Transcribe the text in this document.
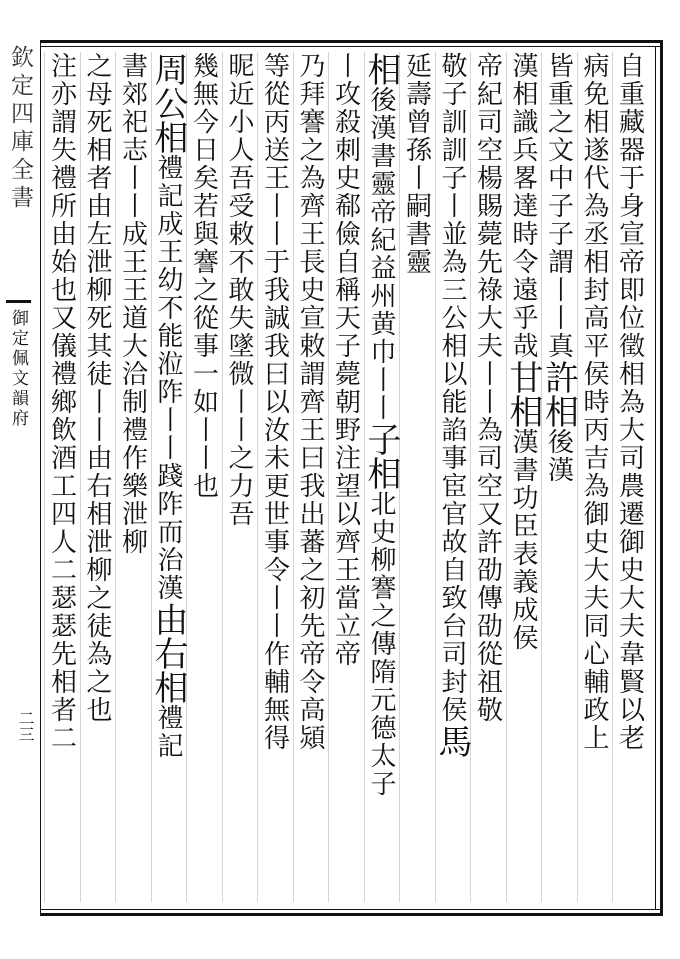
欽定四庫全書
御定佩文韻府
二三	自重藏器于身宣帝即位徵相為大司農遷御史大夫韋賢以老
病免相遂代為丞相封高平侯時丙吉為御史大夫同心輔政上
皆重之文中子子謂丨丨真許相後漢
漢相識兵畧達時令遠乎哉甘相漢書功臣表義成侯
帝紀司空楊賜薨先祿大夫丨丨為司空又許劭傳劭從祖敬
敬子訓訓子丨並為三公相以能諂事宦官故自致台司封侯馬
延壽曾孫丨嗣書靈
相後漢書靈帝紀益州黄巾丨丨子相北史柳謇之傳隋元德太子
丨攻殺刺史郗儉自稱天子薨朝野注望以齊王當立帝
乃拜謇之為齊王長史宣敕謂齊王曰我出蕃之初先帝令高熲
等從丙送王丨丨于我誠我曰以汝未更世事令丨丨作輔無得
昵近小人吾受敕不敢失墜微丨丨之力吾
幾無今日矣若與謇之從事一如丨丨也
周公相禮記成王幼不能涖阼丨丨踐阼而治漢由右相禮記
書郊祀志丨丨成王王道大洽制禮作樂泄柳
之母死相者由左泄柳死其徒丨丨由右相泄柳之徒為之也
注亦謂失禮所由始也又儀禮鄉飲酒工四人二瑟瑟先相者二
